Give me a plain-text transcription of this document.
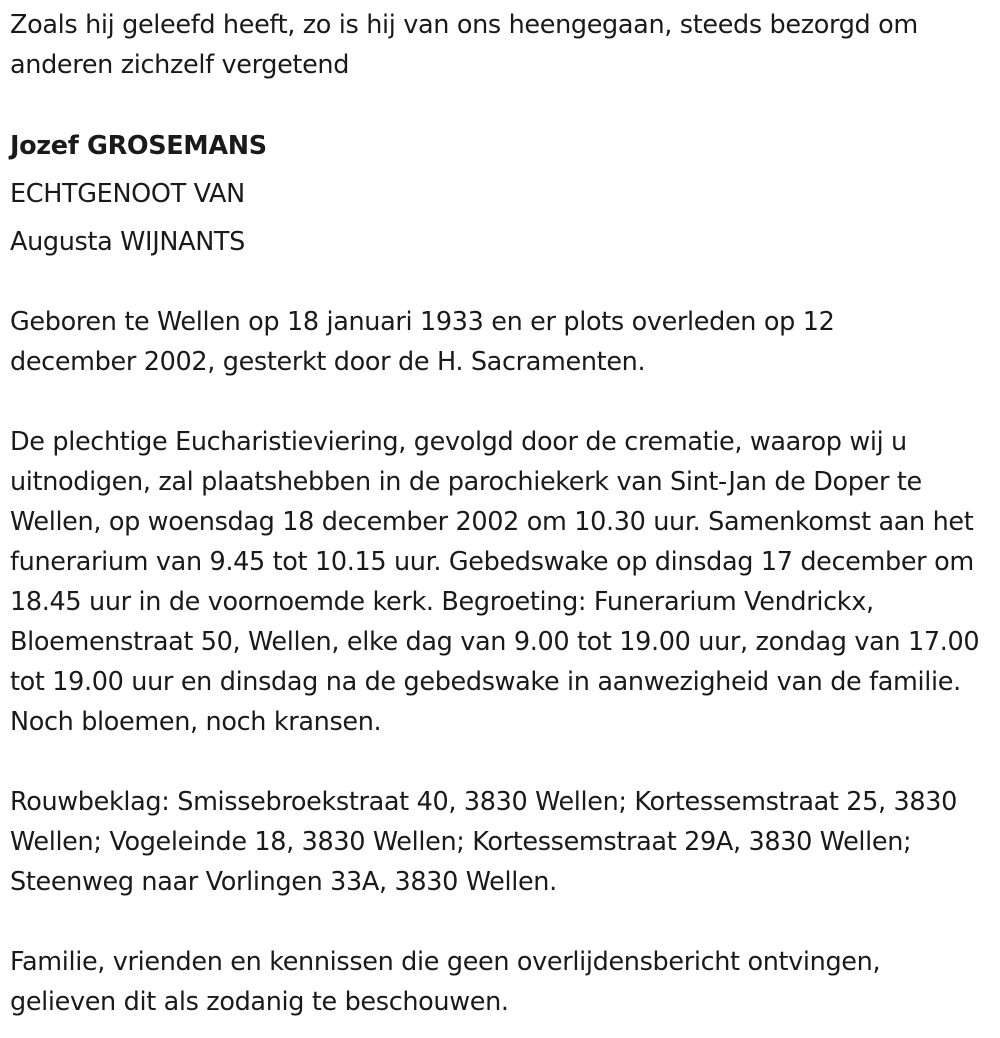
Zoals hij geleefd heeft, zo is hij van ons heengegaan, steeds bezorgd om anderen zichzelf vergetend

Jozef GROSEMANS

ECHTGENOOT VAN

Augusta WIJNANTS

Geboren te Wellen op 18 januari 1933 en er plots overleden op 12 december 2002, gesterkt door de H. Sacramenten.

De plechtige Eucharistieviering, gevolgd door de crematie, waarop wij u uitnodigen, zal plaatshebben in de parochiekerk van Sint-Jan de Doper te Wellen, op woensdag 18 december 2002 om 10.30 uur. Samenkomst aan het funerarium van 9.45 tot 10.15 uur. Gebedswake op dinsdag 17 december om 18.45 uur in de voornoemde kerk. Begroeting: Funerarium Vendrickx, Bloemenstraat 50, Wellen, elke dag van 9.00 tot 19.00 uur, zondag van 17.00 tot 19.00 uur en dinsdag na de gebedswake in aanwezigheid van de familie. Noch bloemen, noch kransen.

Rouwbeklag: Smissebroekstraat 40, 3830 Wellen; Kortessemstraat 25, 3830 Wellen; Vogeleinde 18, 3830 Wellen; Kortessemstraat 29A, 3830 Wellen; Steenweg naar Vorlingen 33A, 3830 Wellen.

Familie, vrienden en kennissen die geen overlijdensbericht ontvingen, gelieven dit als zodanig te beschouwen.
